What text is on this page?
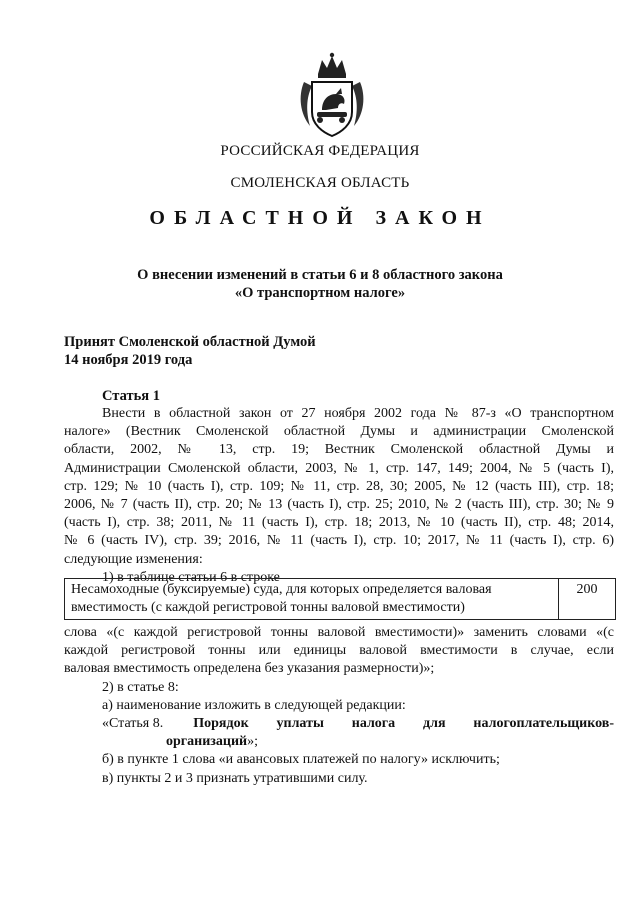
РОССИЙСКАЯ ФЕДЕРАЦИЯ
СМОЛЕНСКАЯ ОБЛАСТЬ
ОБЛАСТНОЙ ЗАКОН
О внесении изменений в статьи 6 и 8 областного закона
«О транспортном налоге»
Принят Смоленской областной Думой
14 ноября 2019 года
Статья 1
Внести в областной закон от 27 ноября 2002 года № 87-з «О транспортном
налоге» (Вестник Смоленской областной Думы и администрации Смоленской
области, 2002, № 13, стр. 19; Вестник Смоленской областной Думы и
Администрации Смоленской области, 2003, № 1, стр. 147, 149; 2004, № 5 (часть I),
стр. 129; № 10 (часть I), стр. 109; № 11, стр. 28, 30; 2005, № 12 (часть III), стр. 18;
2006, № 7 (часть II), стр. 20; № 13 (часть I), стр. 25; 2010, № 2 (часть III), стр. 30; № 9
(часть I), стр. 38; 2011, № 11 (часть I), стр. 18; 2013, № 10 (часть II), стр. 48; 2014,
№ 6 (часть IV), стр. 39; 2016, № 11 (часть I), стр. 10; 2017, № 11 (часть I), стр. 6)
следующие изменения:
1) в таблице статьи 6 в строке
Несамоходные (буксируемые) суда, для которых определяется валовая
вместимость (с каждой регистровой тонны валовой вместимости)
	200
слова «(с каждой регистровой тонны валовой вместимости)» заменить словами «(с
каждой регистровой тонны или единицы валовой вместимости в случае, если
валовая вместимость определена без указания размерности)»;
2) в статье 8:
а) наименование изложить в следующей редакции:
«Статья 8. Порядок уплаты налога для налогоплательщиков-
организаций»;
б) в пункте 1 слова «и авансовых платежей по налогу» исключить;
в) пункты 2 и 3 признать утратившими силу.
